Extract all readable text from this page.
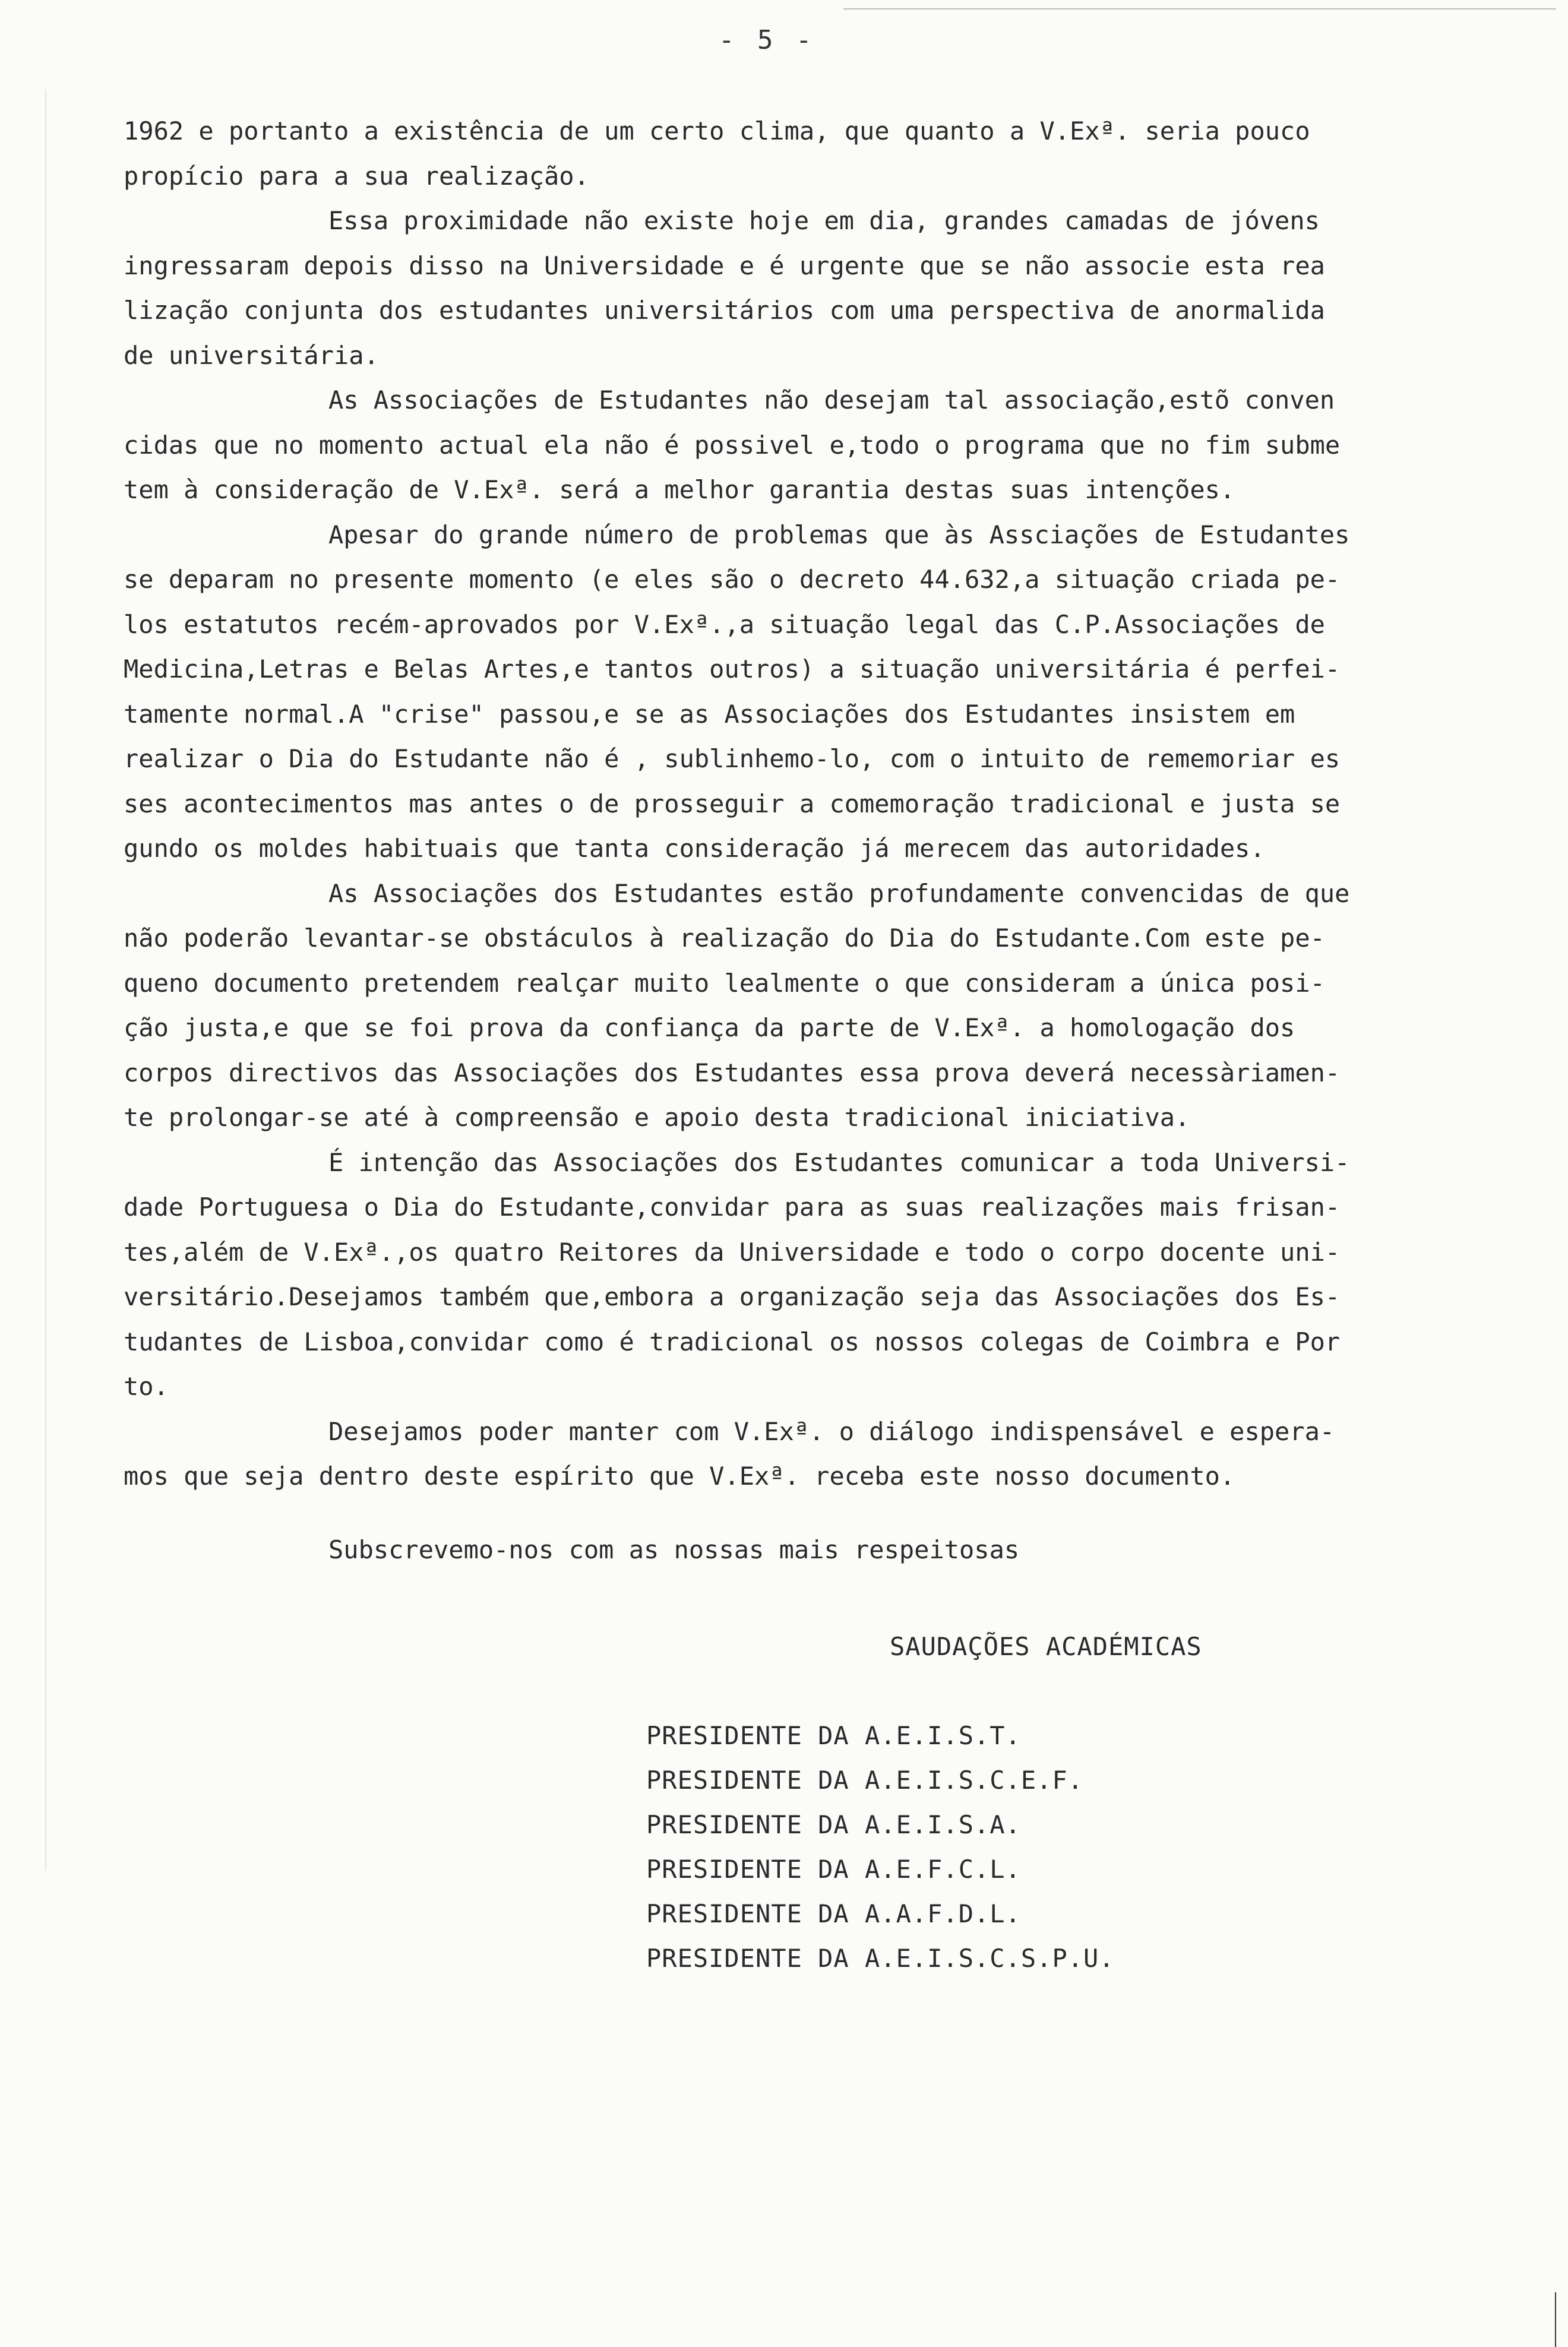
- 5 -
1962 e portanto a existência de um certo clima, que quanto a V.Exª. seria pouco
propício para a sua realização.
Essa proximidade não existe hoje em dia, grandes camadas de jóvens
ingressaram depois disso na Universidade e é urgente que se não associe esta rea
lização conjunta dos estudantes universitários com uma perspectiva de anormalida
de universitária.
As Associações de Estudantes não desejam tal associação,estõ conven
cidas que no momento actual ela não é possivel e,todo o programa que no fim subme
tem à consideração de V.Exª. será a melhor garantia destas suas intenções.
Apesar do grande número de problemas que às Assciações de Estudantes
se deparam no presente momento (e eles são o decreto 44.632,a situação criada pe-
los estatutos recém-aprovados por V.Exª.,a situação legal das C.P.Associações de
Medicina,Letras e Belas Artes,e tantos outros) a situação universitária é perfei-
tamente normal.A "crise" passou,e se as Associações dos Estudantes insistem em
realizar o Dia do Estudante não é , sublinhemo-lo, com o intuito de rememoriar es
ses acontecimentos mas antes o de prosseguir a comemoração tradicional e justa se
gundo os moldes habituais que tanta consideração já merecem das autoridades.
As Associações dos Estudantes estão profundamente convencidas de que
não poderão levantar-se obstáculos à realização do Dia do Estudante.Com este pe-
queno documento pretendem realçar muito lealmente o que consideram a única posi-
ção justa,e que se foi prova da confiança da parte de V.Exª. a homologação dos
corpos directivos das Associações dos Estudantes essa prova deverá necessàriamen-
te prolongar-se até à compreensão e apoio desta tradicional iniciativa.
É intenção das Associações dos Estudantes comunicar a toda Universi-
dade Portuguesa o Dia do Estudante,convidar para as suas realizações mais frisan-
tes,além de V.Exª.,os quatro Reitores da Universidade e todo o corpo docente uni-
versitário.Desejamos também que,embora a organização seja das Associações dos Es-
tudantes de Lisboa,convidar como é tradicional os nossos colegas de Coimbra e Por
to.
Desejamos poder manter com V.Exª. o diálogo indispensável e espera-
mos que seja dentro deste espírito que V.Exª. receba este nosso documento.
Subscrevemo-nos com as nossas mais respeitosas
SAUDAÇÕES ACADÉMICAS
PRESIDENTE DA A.E.I.S.T.
PRESIDENTE DA A.E.I.S.C.E.F.
PRESIDENTE DA A.E.I.S.A.
PRESIDENTE DA A.E.F.C.L.
PRESIDENTE DA A.A.F.D.L.
PRESIDENTE DA A.E.I.S.C.S.P.U.
